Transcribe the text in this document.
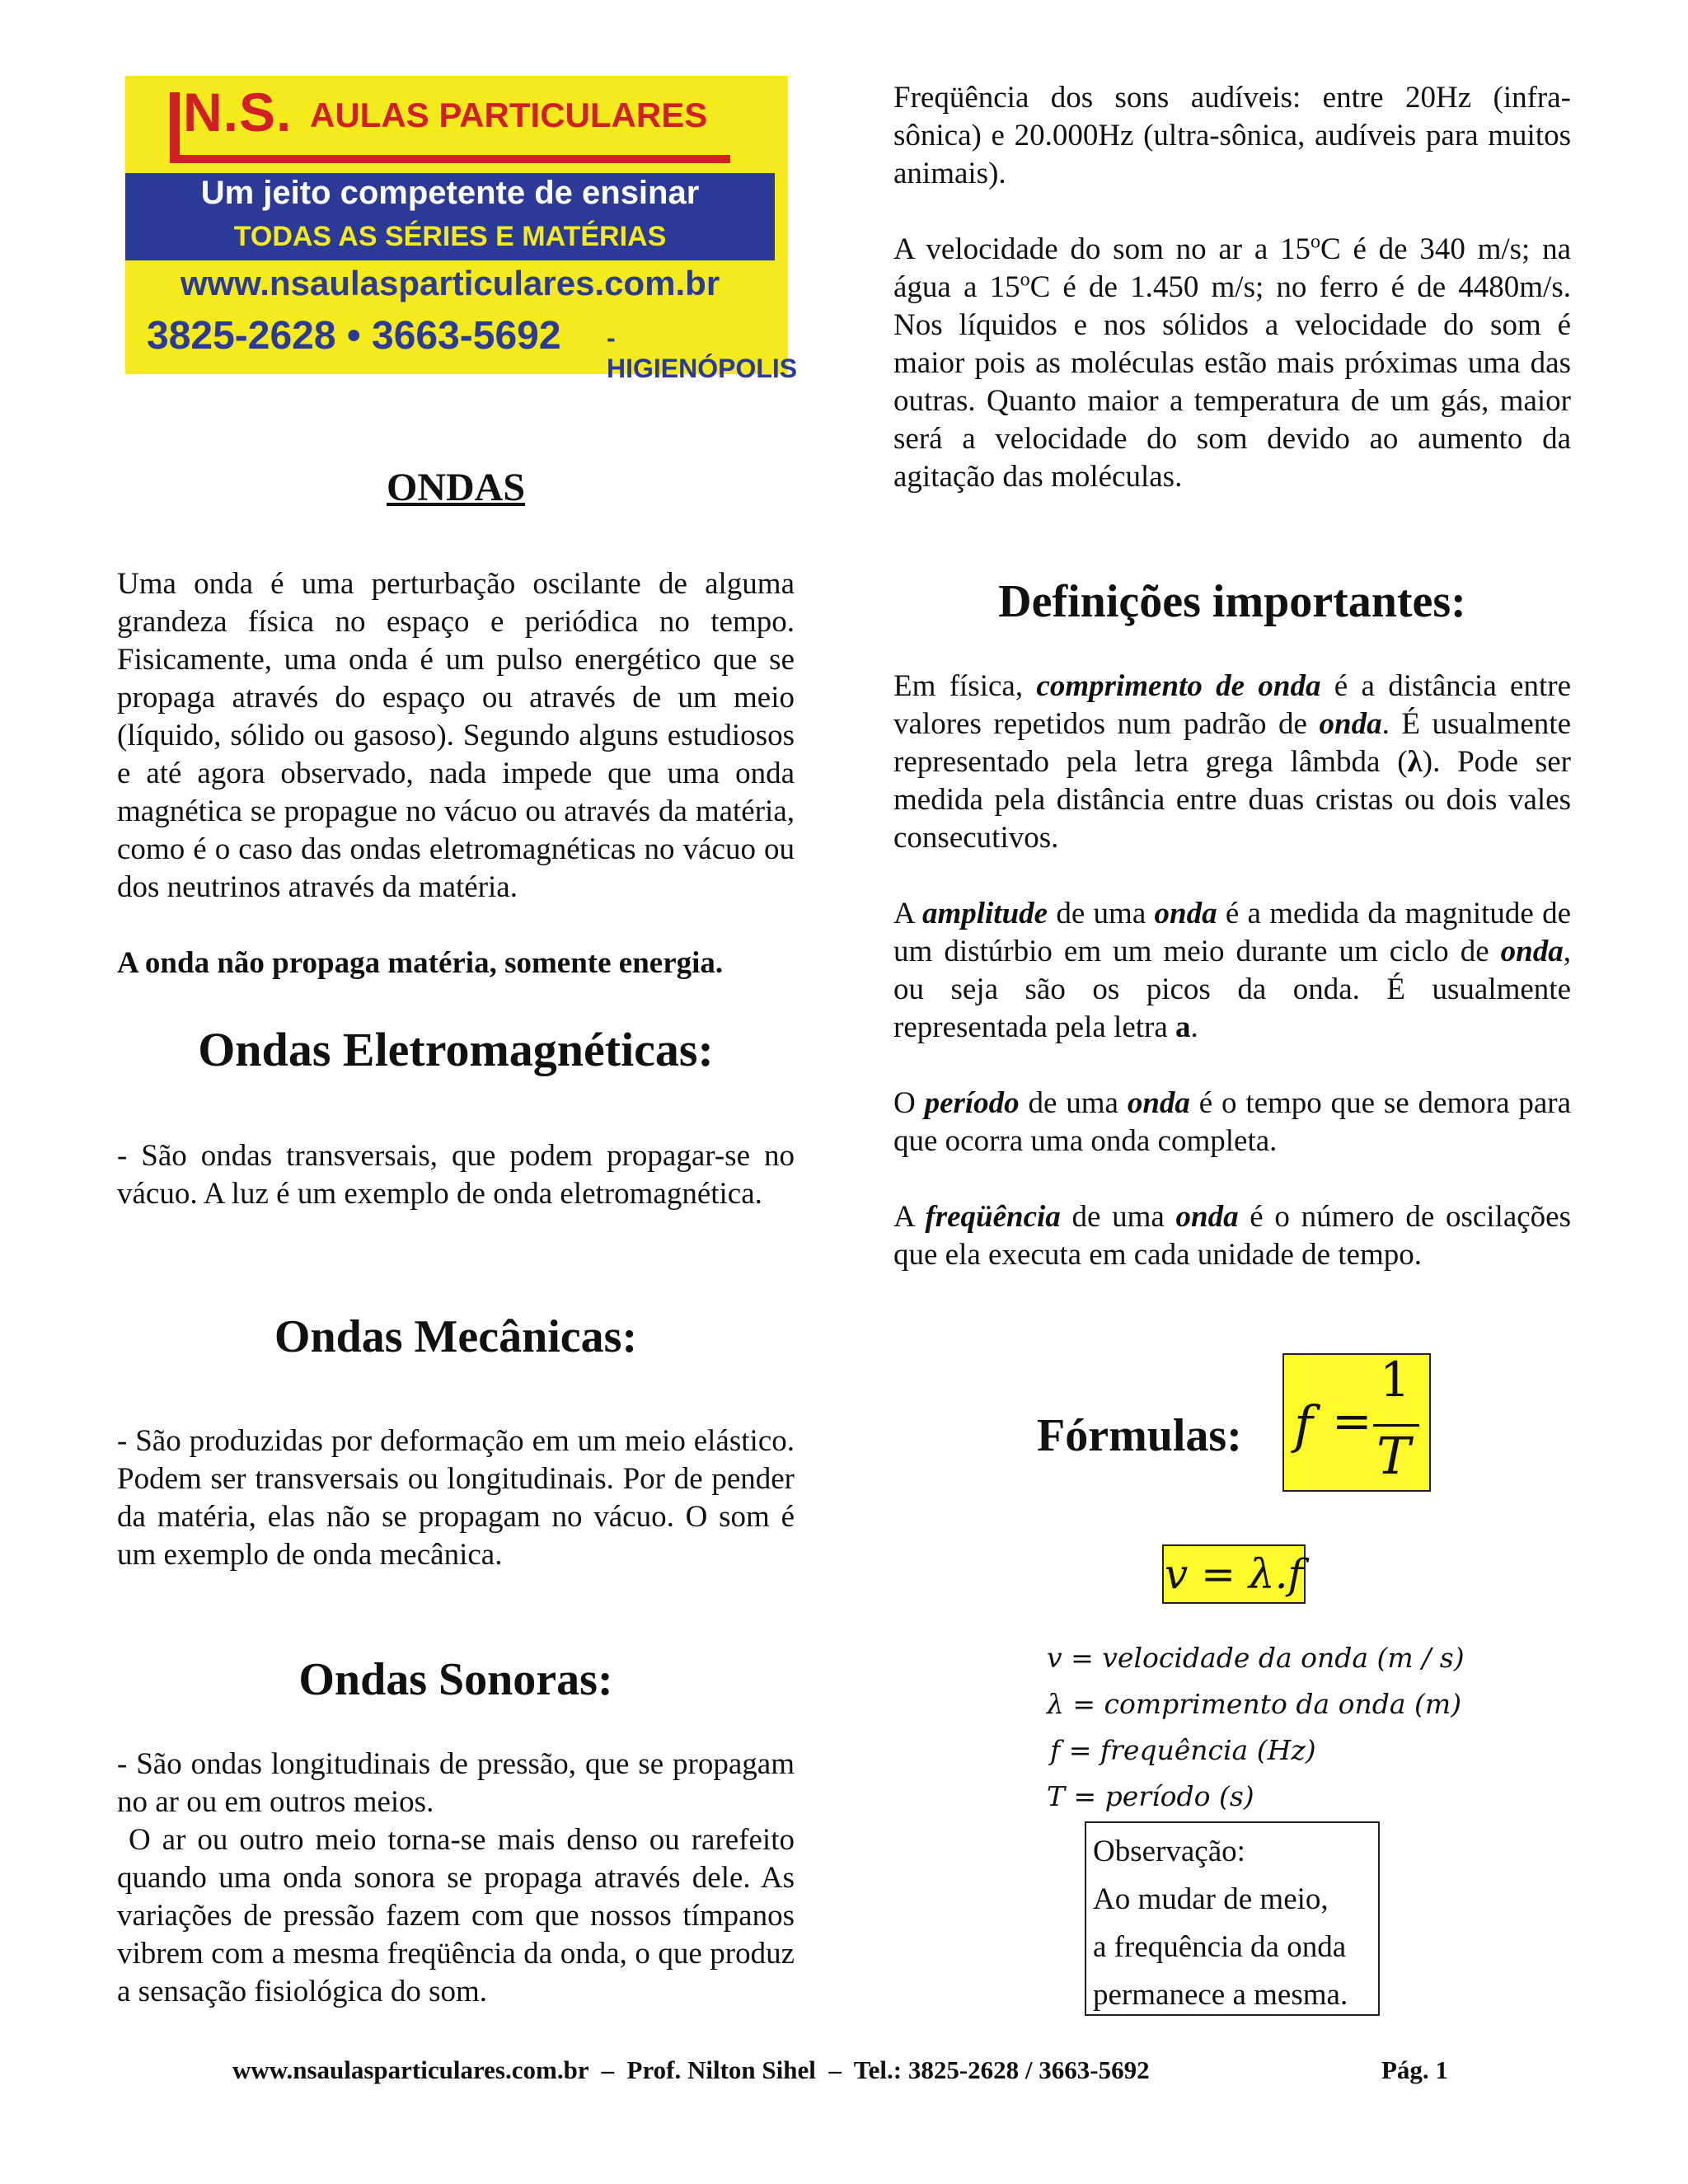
N.S. AULAS PARTICULARES
Um jeito competente de ensinar
TODAS AS SÉRIES E MATÉRIAS
www.nsaulasparticulares.com.br
3825-2628 • 3663-5692 - HIGIENÓPOLIS
ONDAS

Uma onda é uma perturbação oscilante de alguma grandeza física no espaço e periódica no tempo. Fisicamente, uma onda é um pulso energético que se propaga através do espaço ou através de um meio (líquido, sólido ou gasoso). Segundo alguns estudiosos e até agora observado, nada impede que uma onda magnética se propague no vácuo ou através da matéria, como é o caso das ondas eletromagnéticas no vácuo ou dos neutrinos através da matéria.

A onda não propaga matéria, somente energia.

Ondas Eletromagnéticas:

- São ondas transversais, que podem propagar-se no vácuo. A luz é um exemplo de onda eletromagnética.

Ondas Mecânicas:

- São produzidas por deformação em um meio elástico. Podem ser transversais ou longitudinais. Por de pender da matéria, elas não se propagam no vácuo. O som é um exemplo de onda mecânica.

Ondas Sonoras:

- São ondas longitudinais de pressão, que se propagam no ar ou em outros meios.

O ar ou outro meio torna-se mais denso ou rarefeito quando uma onda sonora se propaga através dele. As variações de pressão fazem com que nossos tímpanos vibrem com a mesma freqüência da onda, o que produz a sensação fisiológica do som.

Freqüência dos sons audíveis: entre 20Hz (infra-sônica) e 20.000Hz (ultra-sônica, audíveis para muitos animais).

A velocidade do som no ar a 15$^o$C é de 340 m/s; na água a 15$^o$C é de 1.450 m/s; no ferro é de 4480m/s. Nos líquidos e nos sólidos a velocidade do som é maior pois as moléculas estão mais próximas uma das outras. Quanto maior a temperatura de um gás, maior será a velocidade do som devido ao aumento da agitação das moléculas.

Definições importantes:

Em física, comprimento de onda é a distância entre valores repetidos num padrão de onda. É usualmente representado pela letra grega lâmbda (λ). Pode ser medida pela distância entre duas cristas ou dois vales consecutivos.

A amplitude de uma onda é a medida da magnitude de um distúrbio em um meio durante um ciclo de onda, ou seja são os picos da onda. É usualmente representada pela letra a.

O período de uma onda é o tempo que se demora para que ocorra uma onda completa.

A freqüência de uma onda é o número de oscilações que ela executa em cada unidade de tempo.

Fórmulas: f =
1
T
v = λ.f
v = velocidade da onda (m / s)
λ = comprimento da onda (m)
f = frequência (Hz)
T = período (s)
Observação:
Ao mudar de meio,
a frequência da onda
permanece a mesma.
www.nsaulasparticulares.com.br  –  Prof. Nilton Sihel  –  Tel.: 3825-2628 / 3663-5692	Pág. 1
